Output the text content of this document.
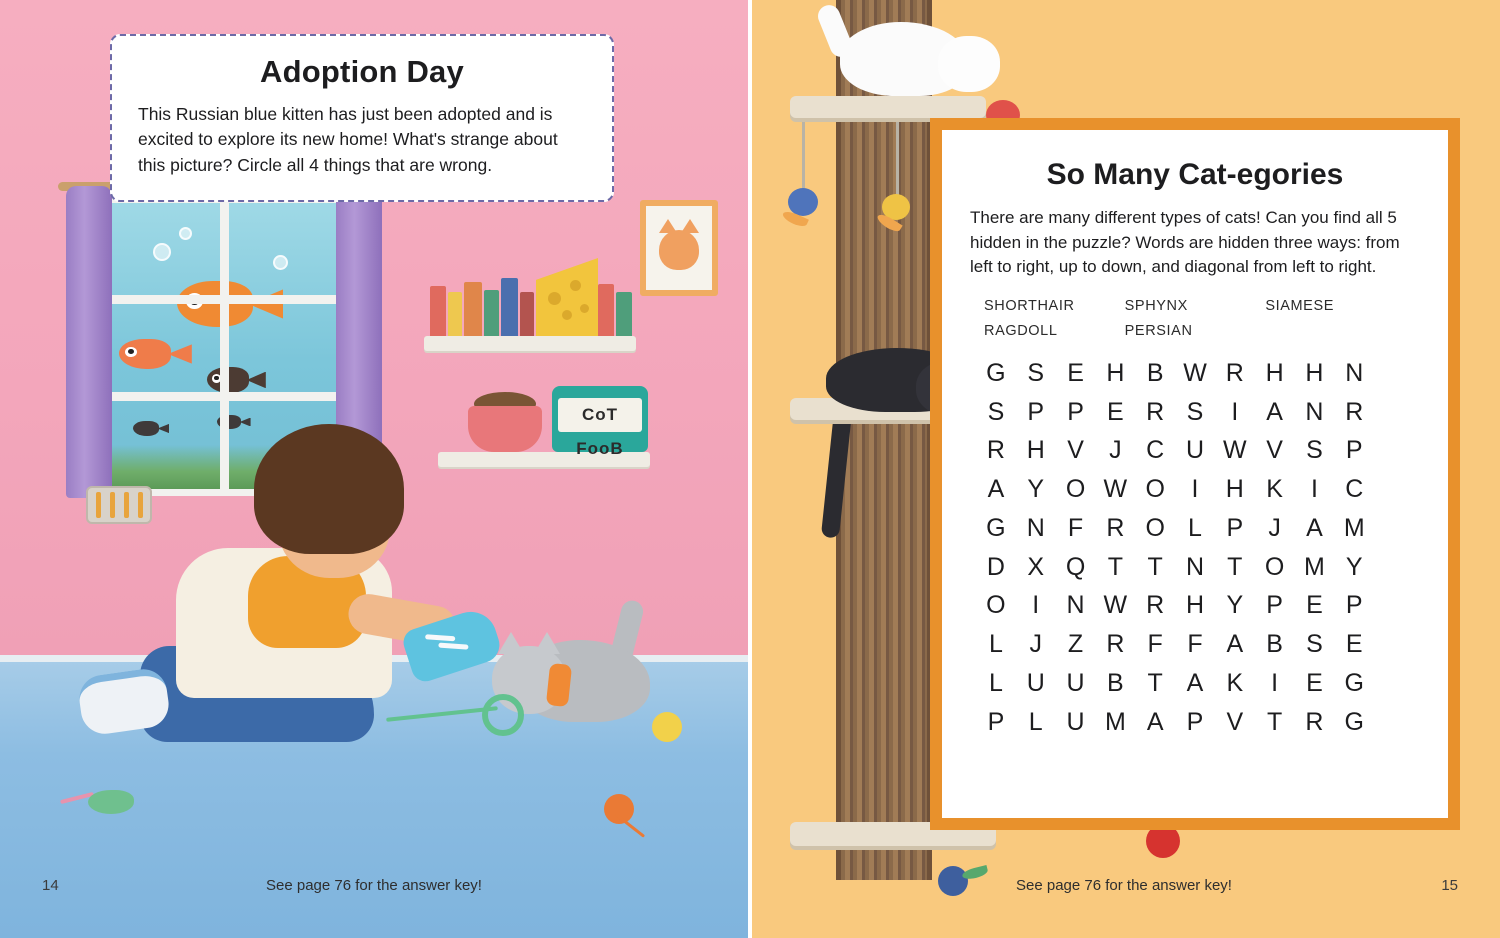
CoT FooB
Adoption Day

This Russian blue kitten has just been adopted and is excited to explore its new home! What's strange about this picture? Circle all 4 things that are wrong.

14	See page 76 for the answer key!
So Many Cat-egories

There are many different types of cats! Can you find all 5 hidden in the puzzle? Words are hidden three ways: from left to right, up to down, and diagonal from left to right.

SHORTHAIR	SPHYNX	SIAMESE
RAGDOLL	PERSIAN
G S E H B W R H H N
S P P E R S	I	A N R
R H V	J C U W V S P
A Y O W O	I	H K	I	C
G N F R O L P	J	A M
D X Q T T N T O M Y
O	I	N W R H Y P E P
L	J	Z R F F A B S E
L U U B T A K	I	E G
P L U M A P V T R G
15
See page 76 for the answer key!
